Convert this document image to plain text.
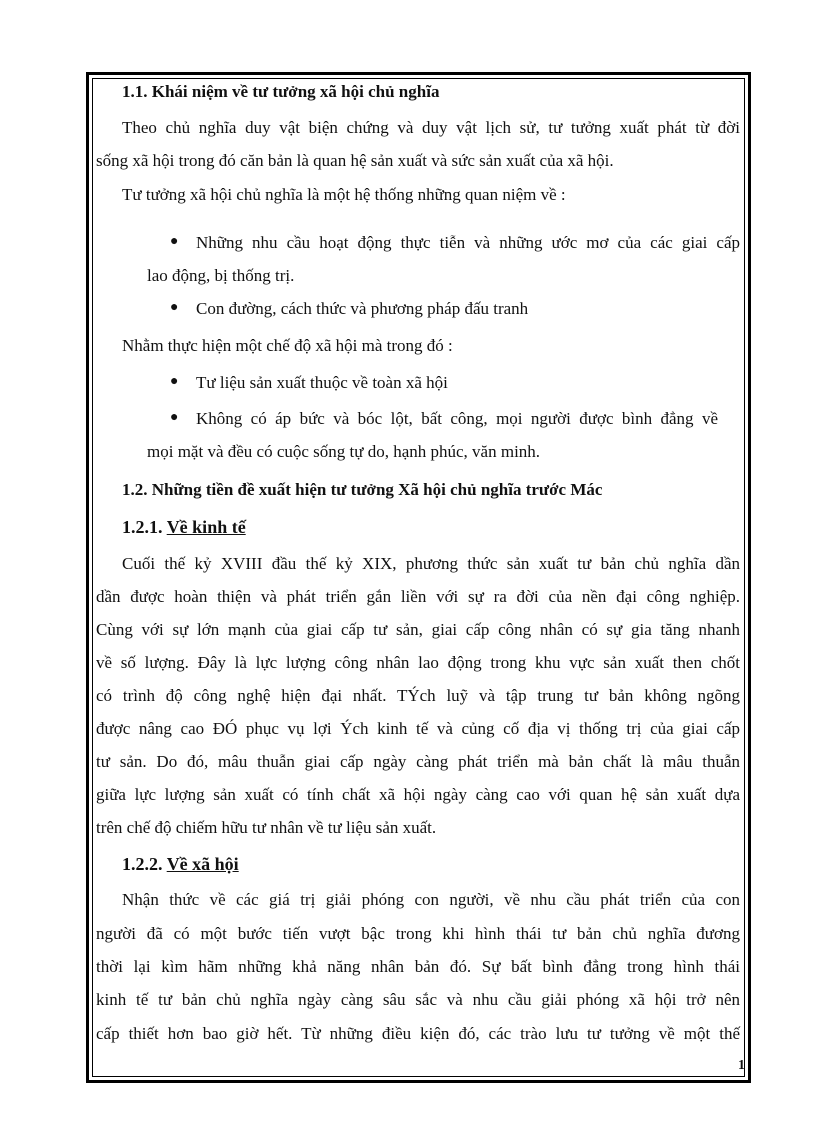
1.1. Khái niệm về tư tưởng xã hội chủ nghĩa
Theo chủ nghĩa duy vật biện chứng và duy vật lịch sử, tư tưởng xuất phát từ đời
sống xã hội trong đó căn bản là quan hệ sản xuất và sức sản xuất của xã hội.
Tư tưởng xã hội chủ nghĩa là một hệ thống những quan niệm về :
● Những nhu cầu hoạt động thực tiễn và những ước mơ của các giai cấp
lao động, bị thống trị.
● Con đường, cách thức và phương pháp đấu tranh
Nhằm thực hiện một chế độ xã hội mà trong đó :
● Tư liệu sản xuất thuộc về toàn xã hội
● Không có áp bức và bóc lột, bất công, mọi người được bình đẳng về
mọi mặt và đều có cuộc sống tự do, hạnh phúc, văn minh.
1.2. Những tiền đề xuất hiện tư tưởng Xã hội chủ nghĩa trước Mác
1.2.1. Về kinh tế
Cuối thế kỷ XVIII đầu thế kỷ XIX, phương thức sản xuất tư bản chủ nghĩa dần
dần được hoàn thiện và phát triển gắn liền với sự ra đời của nền đại công nghiệp.
Cùng với sự lớn mạnh của giai cấp tư sản, giai cấp công nhân có sự gia tăng nhanh
về số lượng. Đây là lực lượng công nhân lao động trong khu vực sản xuất then chốt
có trình độ công nghệ hiện đại nhất. TÝch luỹ và tập trung tư bản không ngõng
được nâng cao ĐÓ phục vụ lợi Ých kinh tế và củng cố địa vị thống trị của giai cấp
tư sản. Do đó, mâu thuẫn giai cấp ngày càng phát triển mà bản chất là mâu thuẫn
giữa lực lượng sản xuất có tính chất xã hội ngày càng cao với quan hệ sản xuất dựa
trên chế độ chiếm hữu tư nhân về tư liệu sản xuất.
1.2.2. Về xã hội
Nhận thức về các giá trị giải phóng con người, về nhu cầu phát triển của con
người đã có một bước tiến vượt bậc trong khi hình thái tư bản chủ nghĩa đương
thời lại kìm hãm những khả năng nhân bản đó. Sự bất bình đẳng trong hình thái
kinh tế tư bản chủ nghĩa ngày càng sâu sắc và nhu cầu giải phóng xã hội trở nên
cấp thiết hơn bao giờ hết. Từ những điều kiện đó, các trào lưu tư tưởng về một thế
1
